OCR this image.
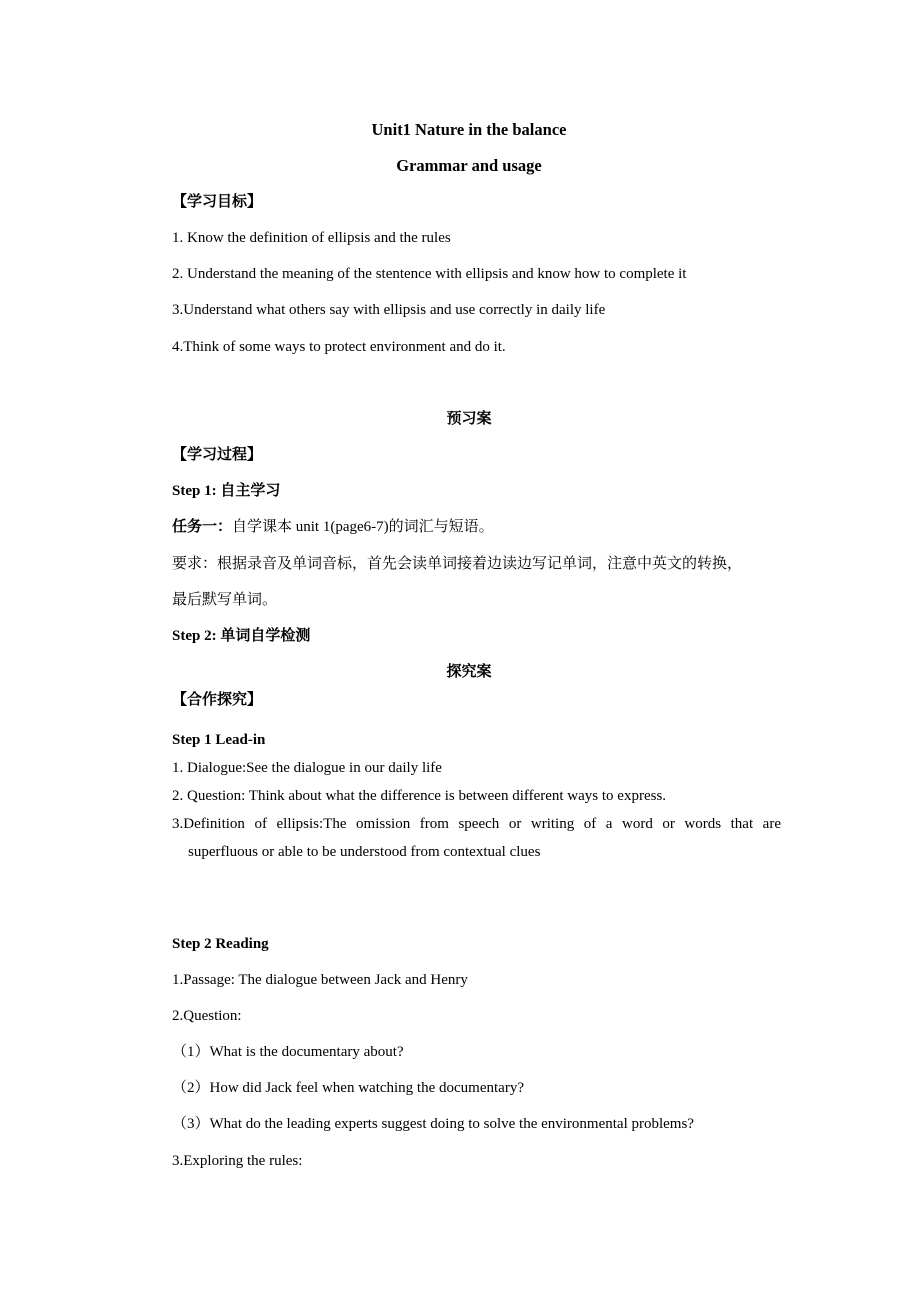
Unit1 Nature in the balance
Grammar and usage
【学习目标】
1. Know the definition of ellipsis and the rules
2. Understand the meaning of the stentence with ellipsis and know how to complete it
3.Understand what others say with ellipsis and use correctly in daily life
4.Think of some ways to protect environment and do it.
预习案
【学习过程】
Step 1: 自主学习
任务一：自学课本 unit 1(page6-7)的词汇与短语。
要求：根据录音及单词音标，首先会读单词接着边读边写记单词，注意中英文的转换，
最后默写单词。
Step 2: 单词自学检测
探究案
【合作探究】
Step 1 Lead-in
1. Dialogue:See the dialogue in our daily life
2. Question: Think about what the difference is between different ways to express.
3.Definition of ellipsis:The omission from speech or writing of a word or words that are
superfluous or able to be understood from contextual clues
Step 2 Reading
1.Passage: The dialogue between Jack and Henry
2.Question:
（1）What is the documentary about?
（2）How did Jack feel when watching the documentary?
（3）What do the leading experts suggest doing to solve the environmental problems?
3.Exploring the rules:
